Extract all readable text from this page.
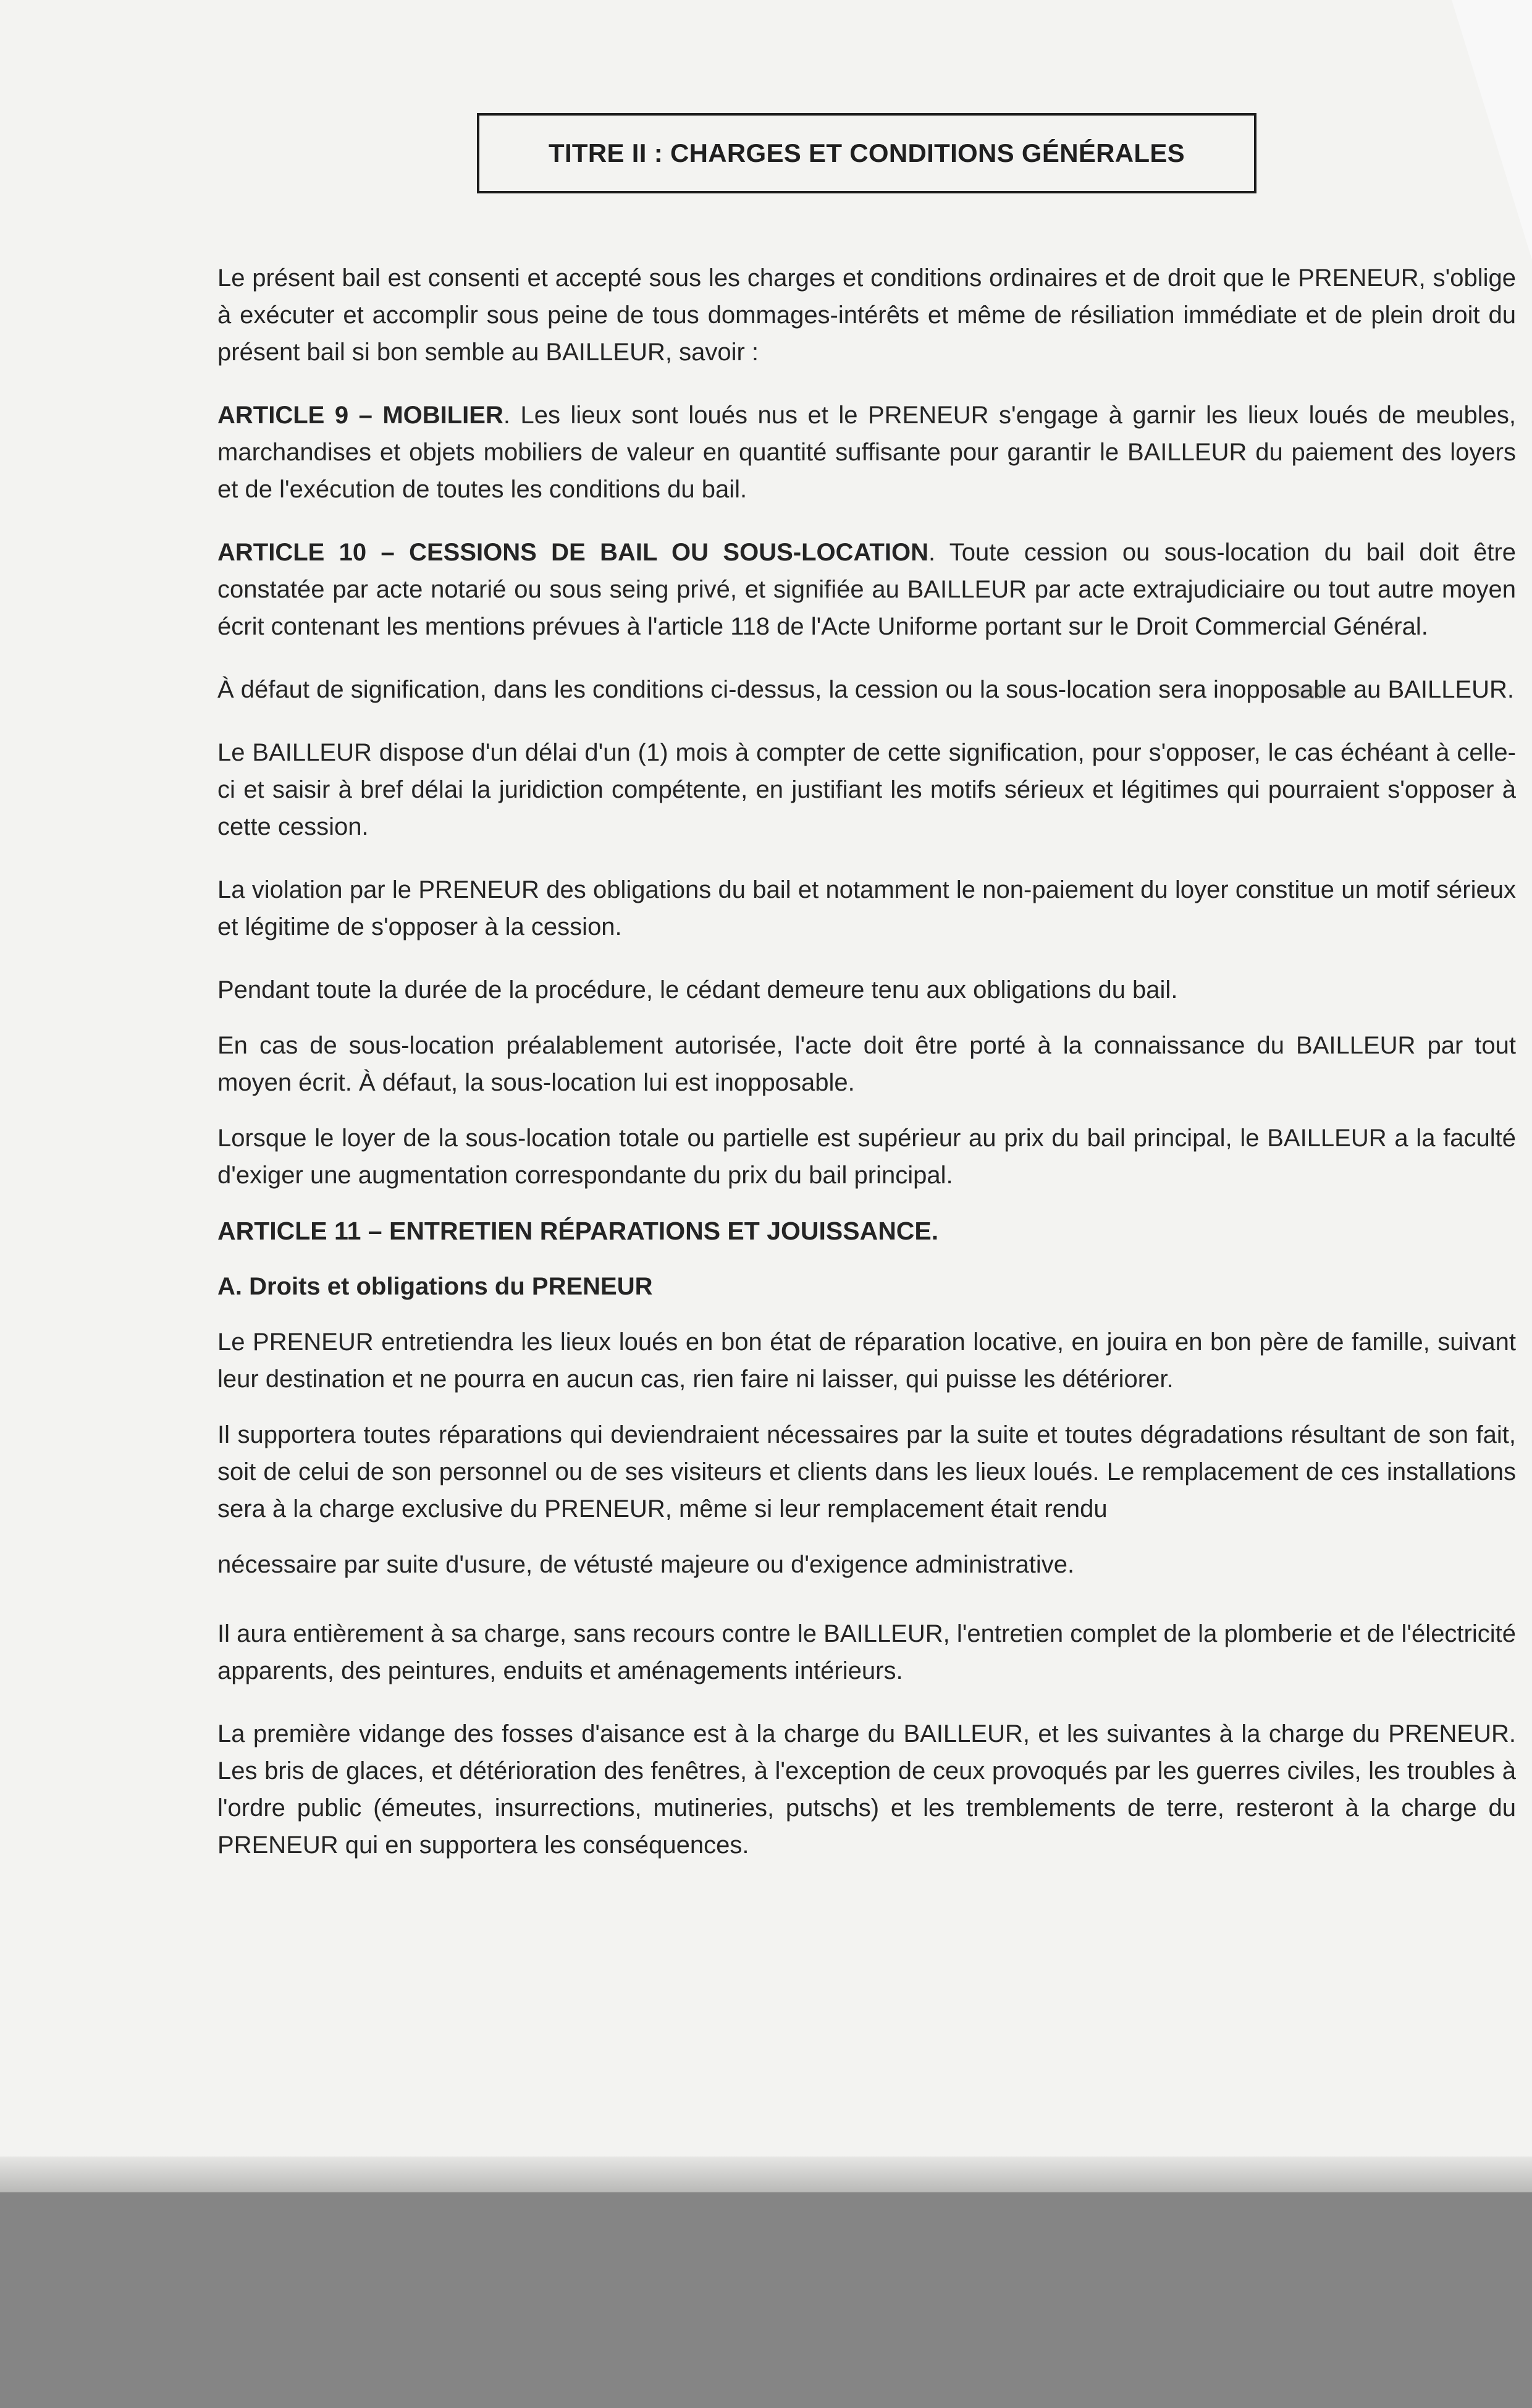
TITRE II : CHARGES ET CONDITIONS GÉNÉRALES

Le présent bail est consenti et accepté sous les charges et conditions ordinaires et de droit que le PRENEUR, s'oblige à exécuter et accomplir sous peine de tous dommages-intérêts et même de résiliation immédiate et de plein droit du présent bail si bon semble au BAILLEUR, savoir :

ARTICLE 9 – MOBILIER. Les lieux sont loués nus et le PRENEUR s'engage à garnir les lieux loués de meubles, marchandises et objets mobiliers de valeur en quantité suffisante pour garantir le BAILLEUR du paiement des loyers et de l'exécution de toutes les conditions du bail.

ARTICLE 10 – CESSIONS DE BAIL OU SOUS-LOCATION. Toute cession ou sous-location du bail doit être constatée par acte notarié ou sous seing privé, et signifiée au BAILLEUR par acte extrajudiciaire ou tout autre moyen écrit contenant les mentions prévues à l'article 118 de l'Acte Uniforme portant sur le Droit Commercial Général.

À défaut de signification, dans les conditions ci-dessus, la cession ou la sous-location sera inopposable au BAILLEUR.

Le BAILLEUR dispose d'un délai d'un (1) mois à compter de cette signification, pour s'opposer, le cas échéant à celle-ci et saisir à bref délai la juridiction compétente, en justifiant les motifs sérieux et légitimes qui pourraient s'opposer à cette cession.

La violation par le PRENEUR des obligations du bail et notamment le non-paiement du loyer constitue un motif sérieux et légitime de s'opposer à la cession.

Pendant toute la durée de la procédure, le cédant demeure tenu aux obligations du bail.

En cas de sous-location préalablement autorisée, l'acte doit être porté à la connaissance du BAILLEUR par tout moyen écrit. À défaut, la sous-location lui est inopposable.

Lorsque le loyer de la sous-location totale ou partielle est supérieur au prix du bail principal, le BAILLEUR a la faculté d'exiger une augmentation correspondante du prix du bail principal.

ARTICLE 11 – ENTRETIEN RÉPARATIONS ET JOUISSANCE.

A. Droits et obligations du PRENEUR

Le PRENEUR entretiendra les lieux loués en bon état de réparation locative, en jouira en bon père de famille, suivant leur destination et ne pourra en aucun cas, rien faire ni laisser, qui puisse les détériorer.

Il supportera toutes réparations qui deviendraient nécessaires par la suite et toutes dégradations résultant de son fait, soit de celui de son personnel ou de ses visiteurs et clients dans les lieux loués. Le remplacement de ces installations sera à la charge exclusive du PRENEUR, même si leur remplacement était rendu

nécessaire par suite d'usure, de vétusté majeure ou d'exigence administrative.

Il aura entièrement à sa charge, sans recours contre le BAILLEUR, l'entretien complet de la plomberie et de l'électricité apparents, des peintures, enduits et aménagements intérieurs.

La première vidange des fosses d'aisance est à la charge du BAILLEUR, et les suivantes à la charge du PRENEUR. Les bris de glaces, et détérioration des fenêtres, à l'exception de ceux provoqués par les guerres civiles, les troubles à l'ordre public (émeutes, insurrections, mutineries, putschs) et les tremblements de terre, resteront à la charge du PRENEUR qui en supportera les conséquences.
